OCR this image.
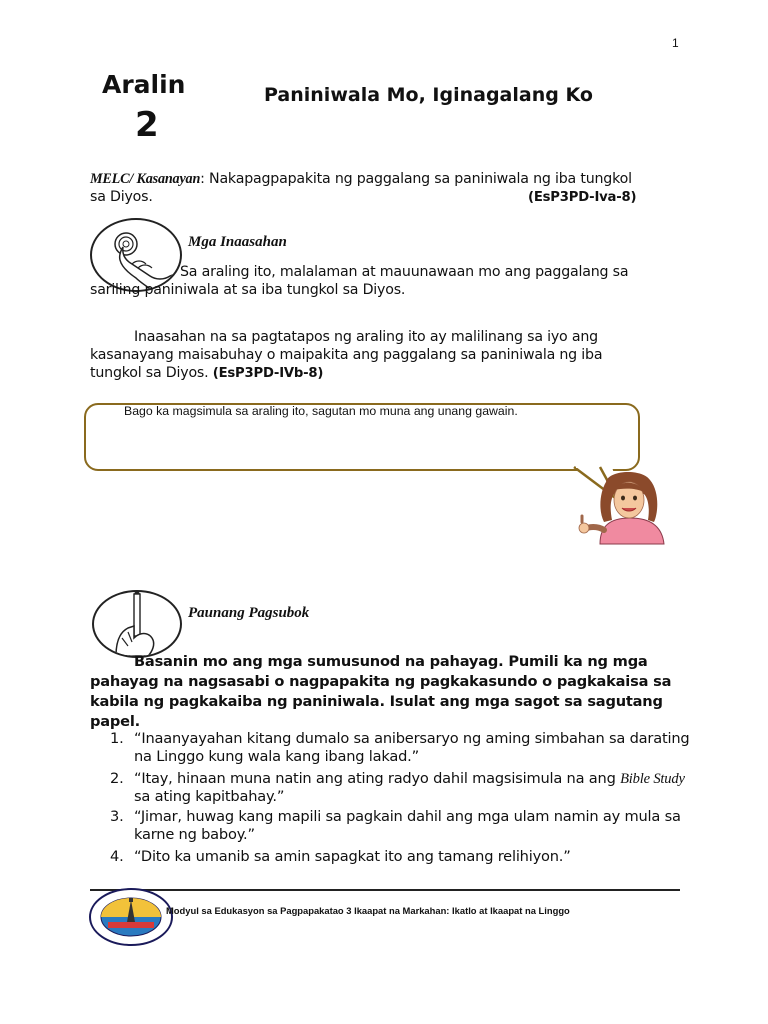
1
Aralin
2
Paniniwala Mo, Iginagalang Ko
MELC/ Kasanayan: Nakapagpapakita ng paggalang sa paniniwala ng iba tungkol sa Diyos.	(EsP3PD-Iva-8)
Mga Inaasahan
Sa araling ito, malalaman at mauunawaan mo ang paggalang sa sariling paniniwala at sa iba tungkol sa Diyos.
Inaasahan na sa pagtatapos ng araling ito ay malilinang sa iyo ang kasanayang maisabuhay o maipakita ang paggalang sa paniniwala ng iba tungkol sa Diyos. (EsP3PD-IVb-8)
Bago ka magsimula sa araling ito, sagutan mo muna ang unang gawain.
Paunang Pagsubok
Basanin mo ang mga sumusunod na pahayag. Pumili ka ng mga pahayag na nagsasabi o nagpapakita ng pagkakasundo o pagkakaisa sa kabila ng pagkakaiba ng paniniwala. Isulat ang mga sagot sa sagutang papel.
1. “Inaanyayahan kitang dumalo sa anibersaryo ng aming simbahan sa darating na Linggo kung wala kang ibang lakad.”
2. “Itay, hinaan muna natin ang ating radyo dahil magsisimula na ang Bible Study sa ating kapitbahay.”
3. “Jimar, huwag kang mapili sa pagkain dahil ang mga ulam namin ay mula sa karne ng baboy.”
4. “Dito ka umanib sa amin sapagkat ito ang tamang relihiyon.”
Modyul sa Edukasyon sa Pagpapakatao 3 Ikaapat na Markahan: Ikatlo at Ikaapat na Linggo
